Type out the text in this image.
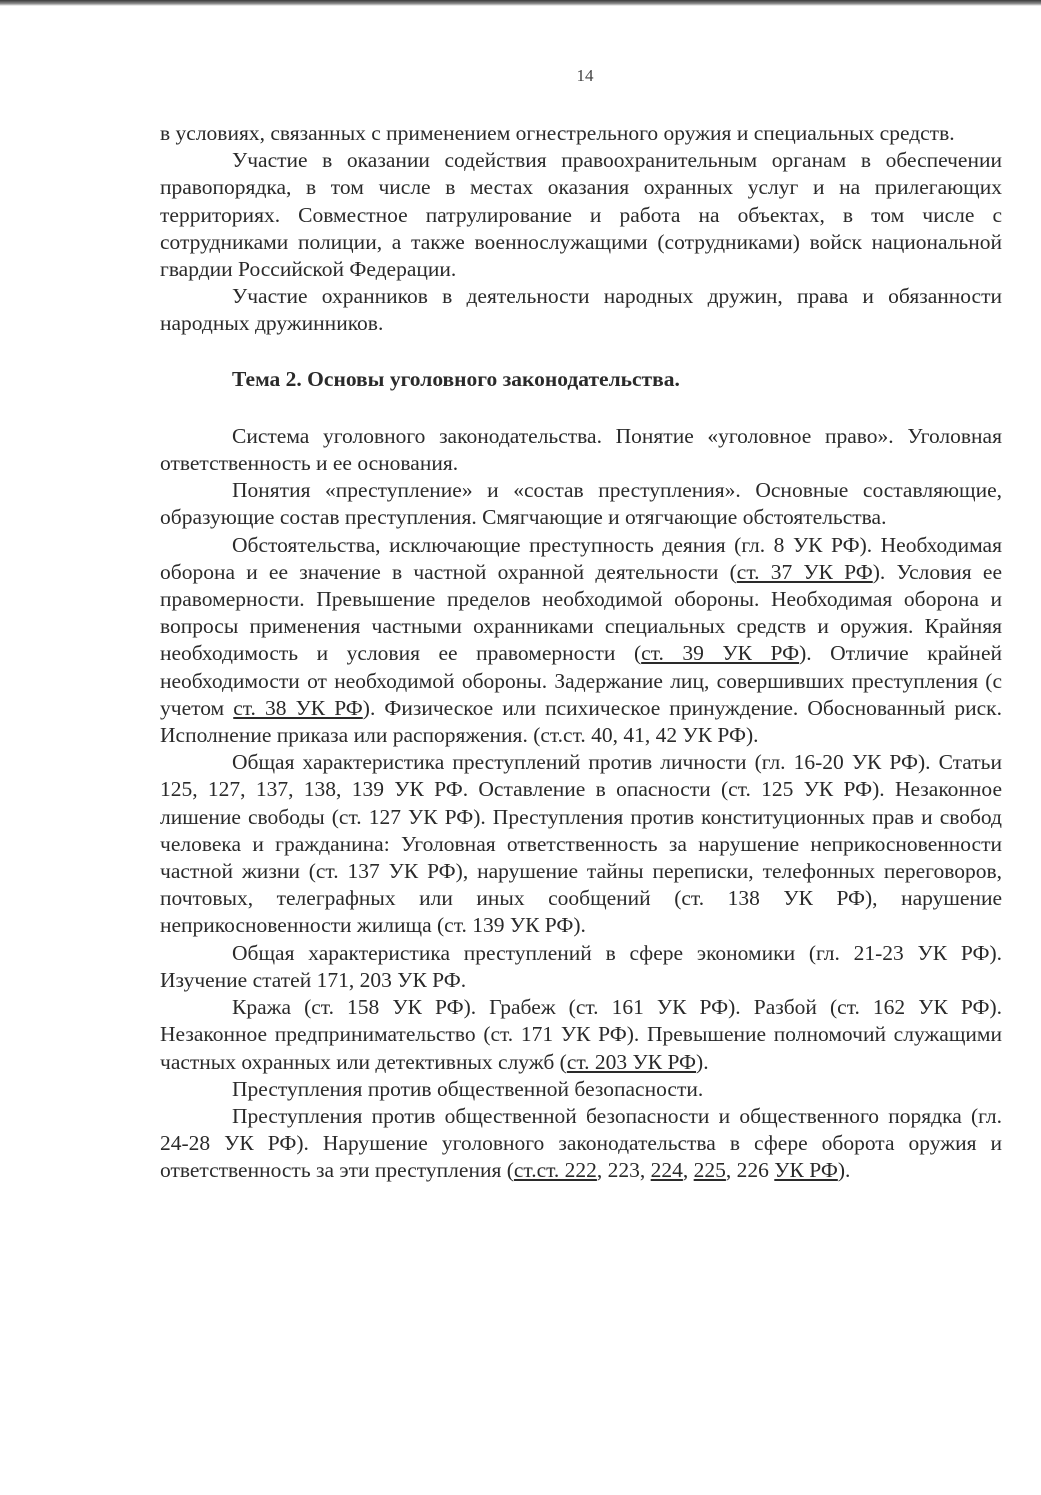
14

в условиях, связанных с применением огнестрельного оружия и специальных средств.

Участие в оказании содействия правоохранительным органам в обеспечении правопорядка, в том числе в местах оказания охранных услуг и на прилегающих территориях. Совместное патрулирование и работа на объектах, в том числе с сотрудниками полиции, а также военнослужащими (сотрудниками) войск национальной гвардии Российской Федерации.

Участие охранников в деятельности народных дружин, права и обязанности народных дружинников.

Тема 2. Основы уголовного законодательства.

Система уголовного законодательства. Понятие «уголовное право». Уголовная ответственность и ее основания.

Понятия «преступление» и «состав преступления». Основные составляющие, образующие состав преступления. Смягчающие и отягчающие обстоятельства.

Обстоятельства, исключающие преступность деяния (гл. 8 УК РФ). Необходимая оборона и ее значение в частной охранной деятельности (ст. 37 УК РФ). Условия ее правомерности. Превышение пределов необходимой обороны. Необходимая оборона и вопросы применения частными охранниками специальных средств и оружия. Крайняя необходимость и условия ее правомерности (ст. 39 УК РФ). Отличие крайней необходимости от необходимой обороны. Задержание лиц, совершивших преступления (с учетом ст. 38 УК РФ). Физическое или психическое принуждение. Обоснованный риск. Исполнение приказа или распоряжения. (ст.ст. 40, 41, 42 УК РФ).

Общая характеристика преступлений против личности (гл. 16-20 УК РФ). Статьи 125, 127, 137, 138, 139 УК РФ. Оставление в опасности (ст. 125 УК РФ). Незаконное лишение свободы (ст. 127 УК РФ). Преступления против конституционных прав и свобод человека и гражданина: Уголовная ответственность за нарушение неприкосновенности частной жизни (ст. 137 УК РФ), нарушение тайны переписки, телефонных переговоров, почтовых, телеграфных или иных сообщений (ст. 138 УК РФ), нарушение неприкосновенности жилища (ст. 139 УК РФ).

Общая характеристика преступлений в сфере экономики (гл. 21-23 УК РФ). Изучение статей 171, 203 УК РФ.

Кража (ст. 158 УК РФ). Грабеж (ст. 161 УК РФ). Разбой (ст. 162 УК РФ). Незаконное предпринимательство (ст. 171 УК РФ). Превышение полномочий служащими частных охранных или детективных служб (ст. 203 УК РФ).

Преступления против общественной безопасности.

Преступления против общественной безопасности и общественного порядка (гл. 24-28 УК РФ). Нарушение уголовного законодательства в сфере оборота оружия и ответственность за эти преступления (ст.ст. 222, 223, 224, 225, 226 УК РФ).
